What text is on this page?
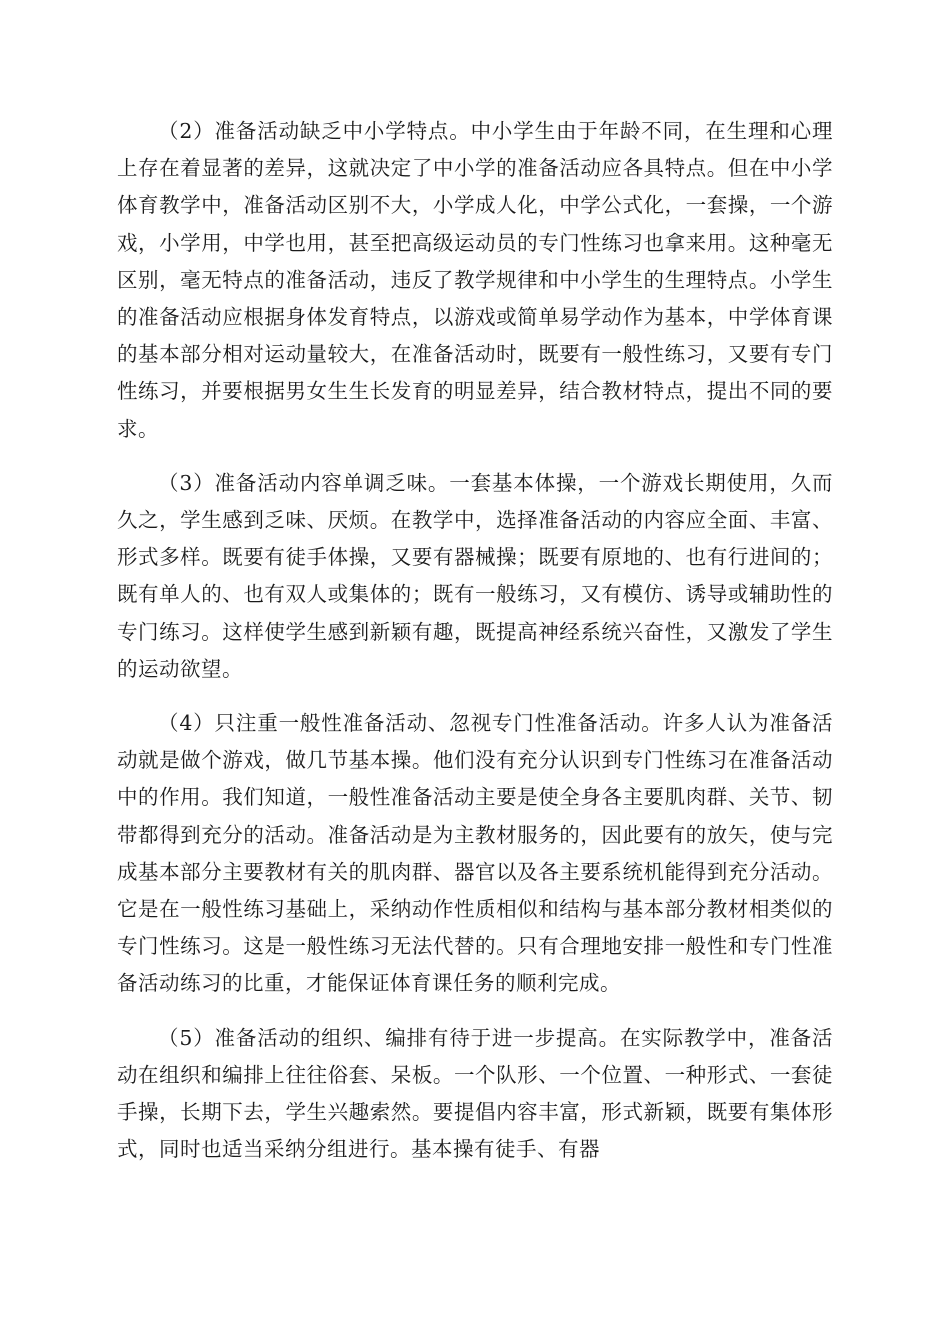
（2）准备活动缺乏中小学特点。中小学生由于年龄不同，在生理和心理上存在着显著的差异，这就决定了中小学的准备活动应各具特点。但在中小学体育教学中，准备活动区别不大，小学成人化，中学公式化，一套操，一个游戏，小学用，中学也用，甚至把高级运动员的专门性练习也拿来用。这种毫无区别，毫无特点的准备活动，违反了教学规律和中小学生的生理特点。小学生的准备活动应根据身体发育特点，以游戏或简单易学动作为基本，中学体育课的基本部分相对运动量较大，在准备活动时，既要有一般性练习，又要有专门性练习，并要根据男女生生长发育的明显差异，结合教材特点，提出不同的要求。

（3）准备活动内容单调乏味。一套基本体操，一个游戏长期使用，久而久之，学生感到乏味、厌烦。在教学中，选择准备活动的内容应全面、丰富、形式多样。既要有徒手体操，又要有器械操；既要有原地的、也有行进间的；既有单人的、也有双人或集体的；既有一般练习，又有模仿、诱导或辅助性的专门练习。这样使学生感到新颖有趣，既提高神经系统兴奋性，又激发了学生的运动欲望。

（4）只注重一般性准备活动、忽视专门性准备活动。许多人认为准备活动就是做个游戏，做几节基本操。他们没有充分认识到专门性练习在准备活动中的作用。我们知道，一般性准备活动主要是使全身各主要肌肉群、关节、韧带都得到充分的活动。准备活动是为主教材服务的，因此要有的放矢，使与完成基本部分主要教材有关的肌肉群、器官以及各主要系统机能得到充分活动。它是在一般性练习基础上，采纳动作性质相似和结构与基本部分教材相类似的专门性练习。这是一般性练习无法代替的。只有合理地安排一般性和专门性准备活动练习的比重，才能保证体育课任务的顺利完成。

（5）准备活动的组织、编排有待于进一步提高。在实际教学中，准备活动在组织和编排上往往俗套、呆板。一个队形、一个位置、一种形式、一套徒手操，长期下去，学生兴趣索然。要提倡内容丰富，形式新颖，既要有集体形式，同时也适当采纳分组进行。基本操有徒手、有器
